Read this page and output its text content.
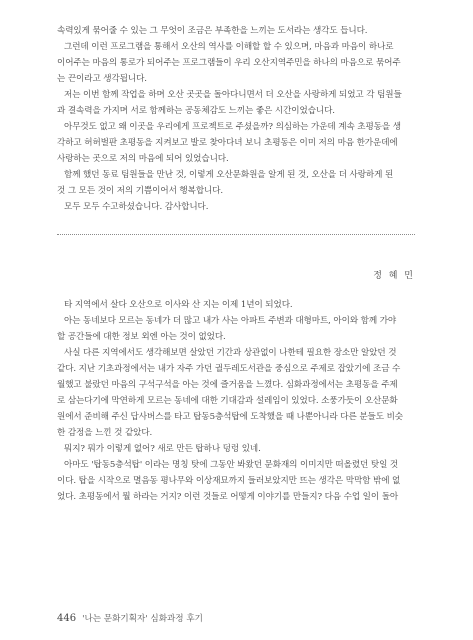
속력있게 묶어줄 수 있는 그 무엇이 조금은 부족한을 느끼는 도서라는 생각도 듭니다.
그런데 이런 프로그램을 통해서 오산의 역사를 이해할 할 수 있으며, 마음과 마음이 하나로
이어주는 마음의 통로가 되어주는 프로그램들이 우리 오산지역주민을 하나의 마음으로 묶어주
는 끈이라고 생각됩니다.
저는 이번 함께 작업을 하며 오산 곳곳을 돌아다니면서 더 오산을 사랑하게 되었고 각 팀원들
과 결속력을 가지며 서로 함께하는 공동체감도 느끼는 좋은 시간이었습니다.
아무것도 없고 왜 이곳을 우리에게 프로젝트로 주셨을까? 의심하는 가운데 계속 초평동을 생
각하고 허허벌판 초평동을 지켜보고 발로 찾아다녀 보니 초평동은 이미 저의 마음 한가운데에
사랑하는 곳으로 저의 마음에 되어 있었습니다.
함께 했던 동료 팀원들을 만난 것, 이렇게 오산문화원을 알게 된 것, 오산을 더 사랑하게 된
것 그 모든 것이 저의 기쁨이어서 행복합니다.
모두 모두 수고하셨습니다. 감사합니다.
정 혜 민
타 지역에서 살다 오산으로 이사와 산 지는 이제 1년이 되었다.
아는 동네보다 모르는 동네가 더 많고 내가 사는 아파트 주변과 대형마트, 아이와 함께 가야
할 공간들에 대한 정보 외엔 아는 것이 없었다.
사실 다른 지역에서도 생각해보면 살았던 기간과 상관없이 나한테 필요한 장소만 알았던 것
같다. 지난 기초과정에서는 내가 자주 가던 궐두레도서관을 중심으로 주제로 잡았기에 조금 수
월했고 불랐던 마음의 구석구석을 아는 것에 즐거움을 느꼈다. 심화과정에서는 초평동을 주제
로 삼는다기에 막연하게 모르는 동네에 대한 기대감과 설레임이 있었다. 소풍가듯이 오산문화
원에서 준비해 주신 답사버스를 타고 탑동5층석탑에 도착했을 때 나뿐아니라 다른 분들도 비슷
한 감정을 느낀 것 같았다.
뭐지? 뭐가 이렇게 없어? 새로 만든 탑하나 덩렁 있네.
아마도 '탑동5층석탑' 이라는 명칭 탓에 그동안 봐왔던 문화재의 이미지만 떠올렸던 탓일 것
이다. 탑을 시작으로 멸음동 평나무와 이상재묘까지 들러보았지만 뜨는 생각은 막막함 밖에 없
었다. 초평동에서 뭘 하라는 거지? 이런 것들로 어떻게 이야기를 만들지? 다음 수업 일이 돌아
446 '나는 문화기획자' 심화과정 후기
